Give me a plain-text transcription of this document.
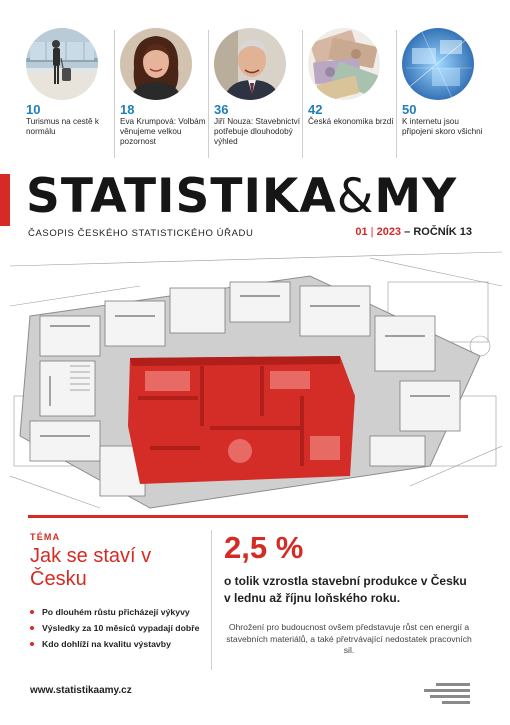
10
Turismus na cestě k normálu
18
Eva Krumpová: Volbám věnujeme velkou pozornost
36
Jiří Nouza: Stavebnictví potřebuje dlouhodobý výhled
42
Česká ekonomika brzdí
50
K internetu jsou připojeni skoro všichni
STATISTIKA&MY
ČASOPIS ČESKÉHO STATISTICKÉHO ÚŘADU	01 | 2023 – ROČNÍK 13
TÉMA
Jak se staví v Česku
Po dlouhém růstu přicházejí výkyvy
Výsledky za 10 měsíců vypadají dobře
Kdo dohlíží na kvalitu výstavby
www.statistikaamy.cz
2,5 %
o tolik vzrostla stavební produkce v Česku v lednu až říjnu loňského roku.
Ohrožení pro budoucnost ovšem představuje růst cen energií a stavebních materiálů, a také přetrvávající nedostatek pracovních sil.
